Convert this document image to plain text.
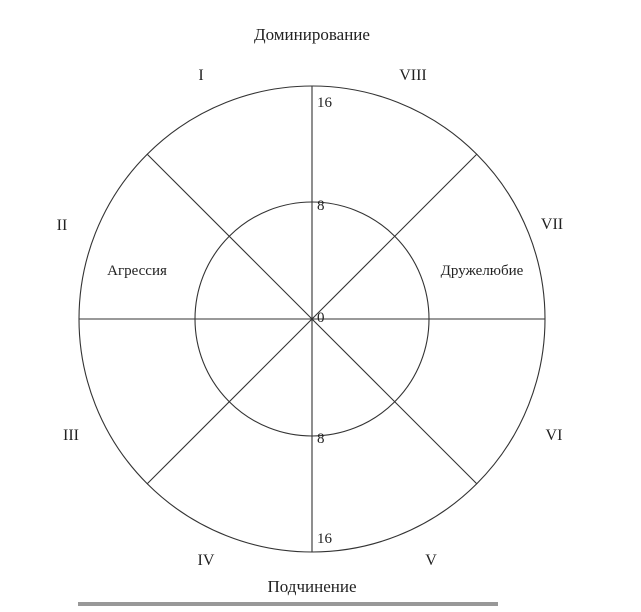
Доминирование
Подчинение
I	VIII
II	VII
III	VI
IV	V
Агрессия	Дружелюбие
16
8
0
8
16
